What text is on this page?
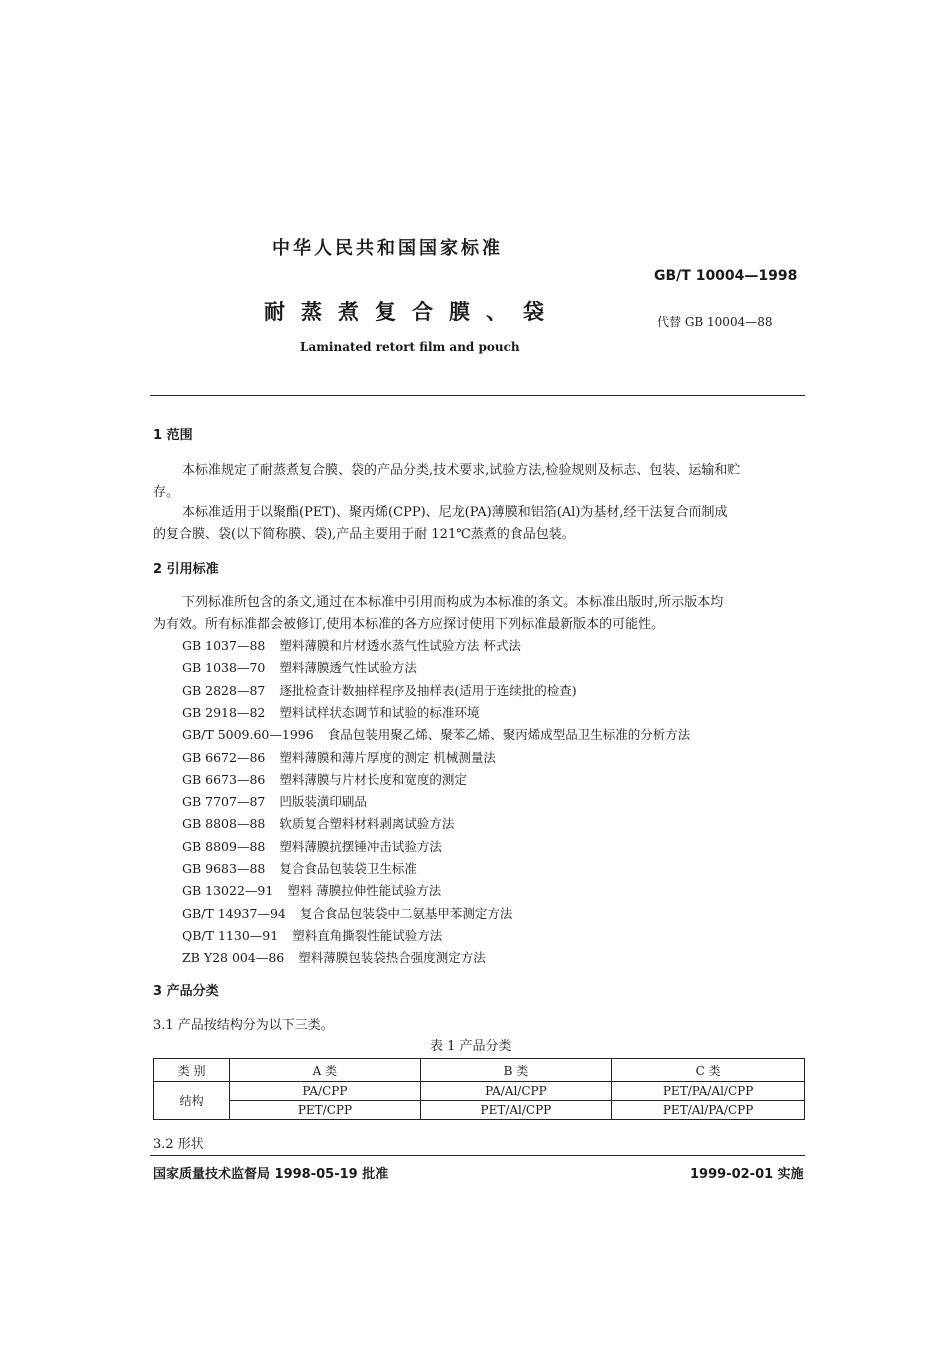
中华人民共和国国家标准
GB/T 10004—1998
耐蒸煮复合膜、袋	代替 GB 10004—88
Laminated retort film and pouch
1 范围
本标准规定了耐蒸煮复合膜、袋的产品分类,技术要求,试验方法,检验规则及标志、包装、运输和贮
存。
本标准适用于以聚酯(PET)、聚丙烯(CPP)、尼龙(PA)薄膜和铝箔(Al)为基材,经干法复合而制成
的复合膜、袋(以下简称膜、袋),产品主要用于耐 121℃蒸煮的食品包装。
2 引用标准
下列标准所包含的条文,通过在本标准中引用而构成为本标准的条文。本标准出版时,所示版本均
为有效。所有标准都会被修订,使用本标准的各方应探讨使用下列标准最新版本的可能性。
GB 1037—88 塑料薄膜和片材透水蒸气性试验方法 杯式法
GB 1038—70 塑料薄膜透气性试验方法
GB 2828—87 逐批检查计数抽样程序及抽样表(适用于连续批的检查)
GB 2918—82 塑料试样状态调节和试验的标准环境
GB/T 5009.60—1996 食品包装用聚乙烯、聚苯乙烯、聚丙烯成型品卫生标准的分析方法
GB 6672—86 塑料薄膜和薄片厚度的测定 机械测量法
GB 6673—86 塑料薄膜与片材长度和宽度的测定
GB 7707—87 凹版装潢印刷品
GB 8808—88 软质复合塑料材料剥离试验方法
GB 8809—88 塑料薄膜抗摆锤冲击试验方法
GB 9683—88 复合食品包装袋卫生标准
GB 13022—91 塑料 薄膜拉伸性能试验方法
GB/T 14937—94 复合食品包装袋中二氨基甲苯测定方法
QB/T 1130—91 塑料直角撕裂性能试验方法
ZB Y28 004—86 塑料薄膜包装袋热合强度测定方法
3 产品分类
3.1 产品按结构分为以下三类。
表 1 产品分类
类 别	A 类	B 类	C 类
结构	PA/CPP	PA/Al/CPP	PET/PA/Al/CPP
	PET/CPP	PET/Al/CPP	PET/Al/PA/CPP
3.2 形状
国家质量技术监督局 1998-05-19 批准	1999-02-01 实施
